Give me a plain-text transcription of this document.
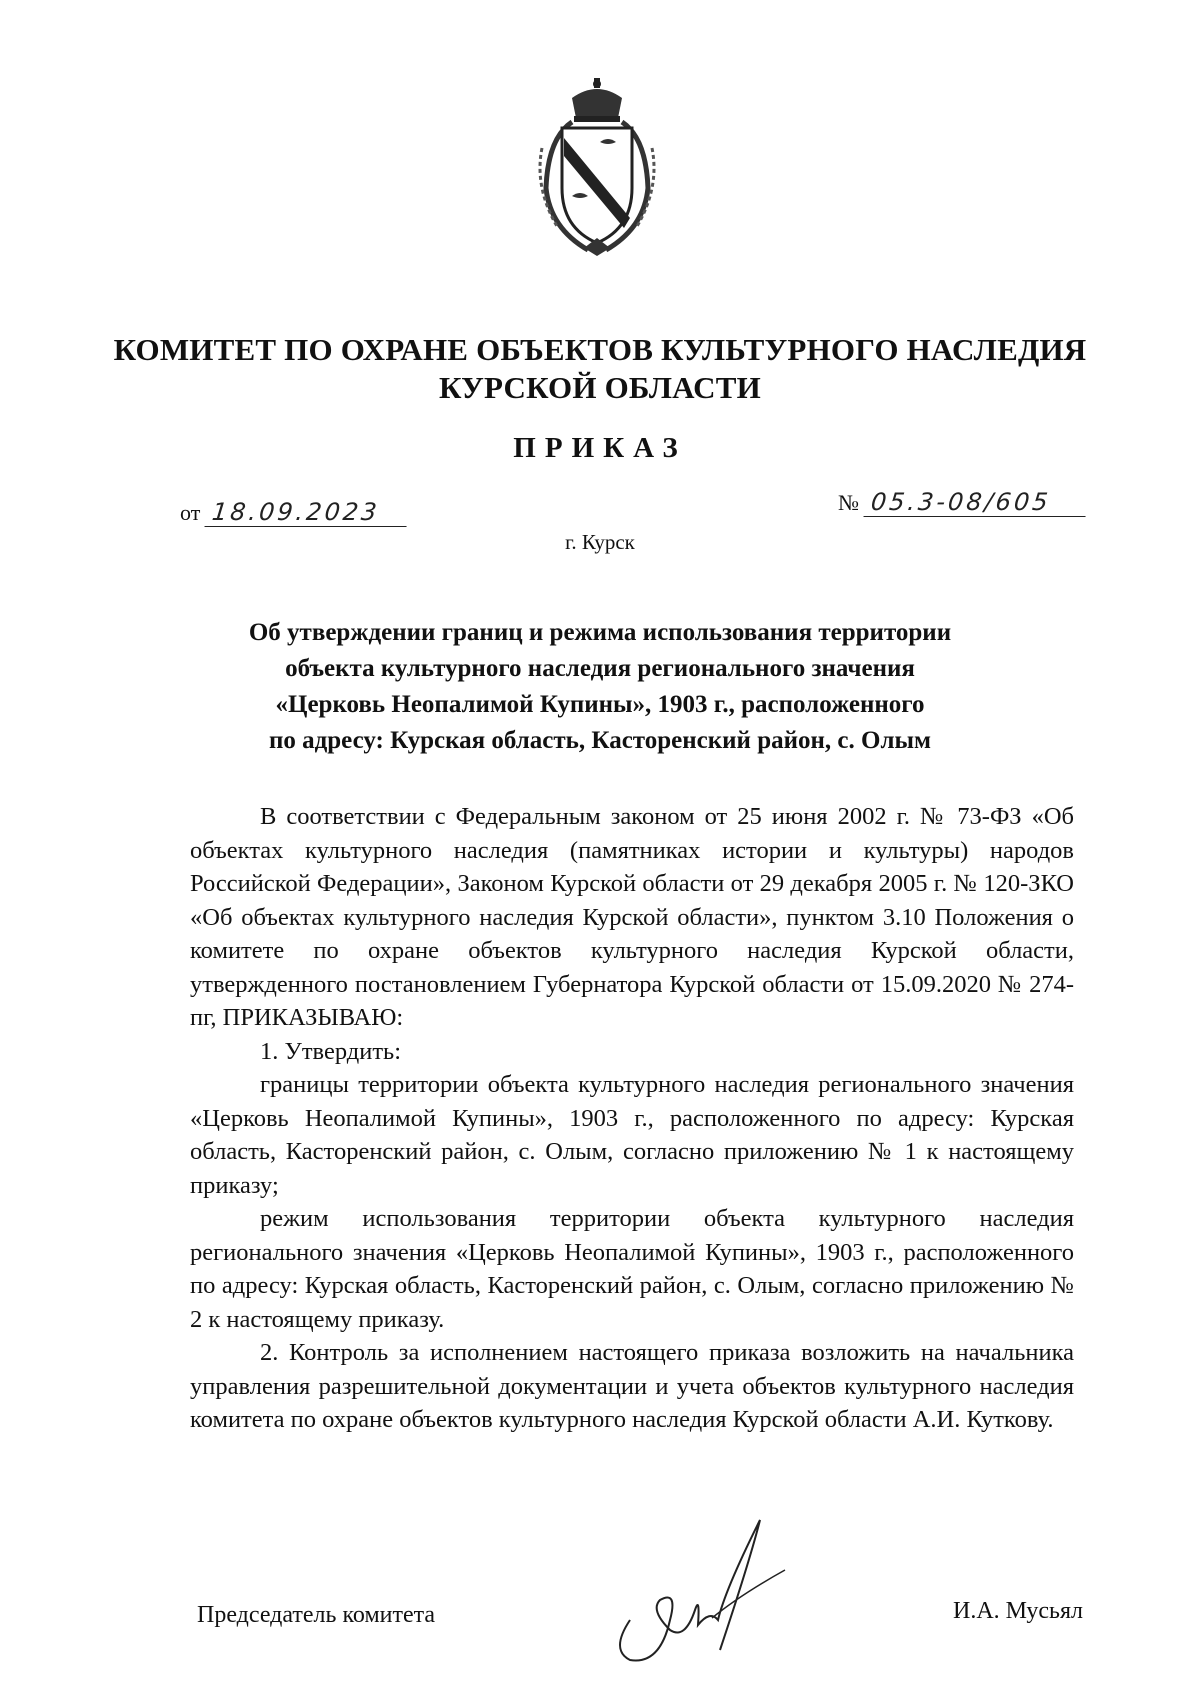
КОМИТЕТ ПО ОХРАНЕ ОБЪЕКТОВ КУЛЬТУРНОГО НАСЛЕДИЯ
КУРСКОЙ ОБЛАСТИ
ПРИКАЗ
от 18.09.2023	№ 05.3-08/605
г. Курск
Об утверждении границ и режима использования территории
объекта культурного наследия регионального значения
«Церковь Неопалимой Купины», 1903 г., расположенного
по адресу: Курская область, Касторенский район, с. Олым

В соответствии с Федеральным законом от 25 июня 2002 г. № 73-ФЗ «Об объектах культурного наследия (памятниках истории и культуры) народов Российской Федерации», Законом Курской области от 29 декабря 2005 г. № 120-ЗКО «Об объектах культурного наследия Курской области», пунктом 3.10 Положения о комитете по охране объектов культурного наследия Курской области, утвержденного постановлением Губернатора Курской области от 15.09.2020 № 274-пг, ПРИКАЗЫВАЮ:

1. Утвердить:

границы территории объекта культурного наследия регионального значения «Церковь Неопалимой Купины», 1903 г., расположенного по адресу: Курская область, Касторенский район, с. Олым, согласно приложению № 1 к настоящему приказу;

режим использования территории объекта культурного наследия регионального значения «Церковь Неопалимой Купины», 1903 г., расположенного по адресу: Курская область, Касторенский район, с. Олым, согласно приложению № 2 к настоящему приказу.

2. Контроль за исполнением настоящего приказа возложить на начальника управления разрешительной документации и учета объектов культурного наследия комитета по охране объектов культурного наследия Курской области А.И. Куткову.

Председатель комитета	И.А. Мусьял
